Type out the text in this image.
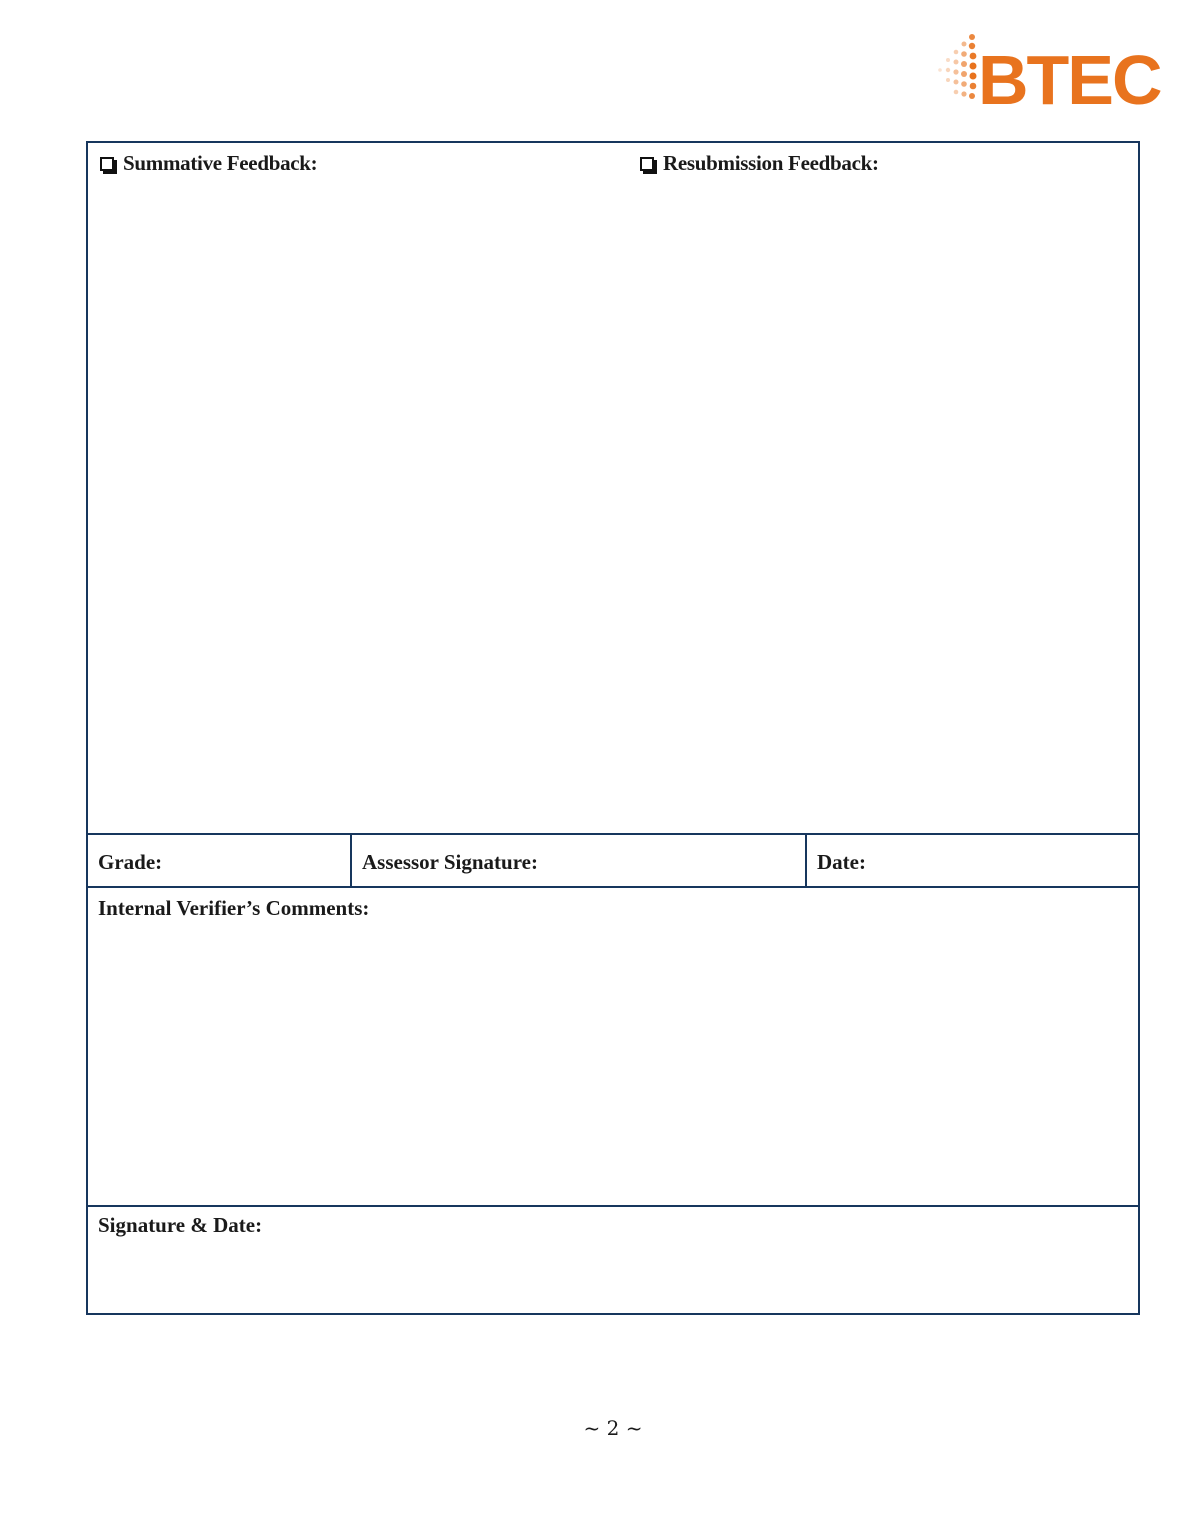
BTEC
Summative Feedback:	Resubmission Feedback:
Grade:	Assessor Signature:	Date:
Internal Verifier’s Comments:
Signature & Date:
~ 2 ~
